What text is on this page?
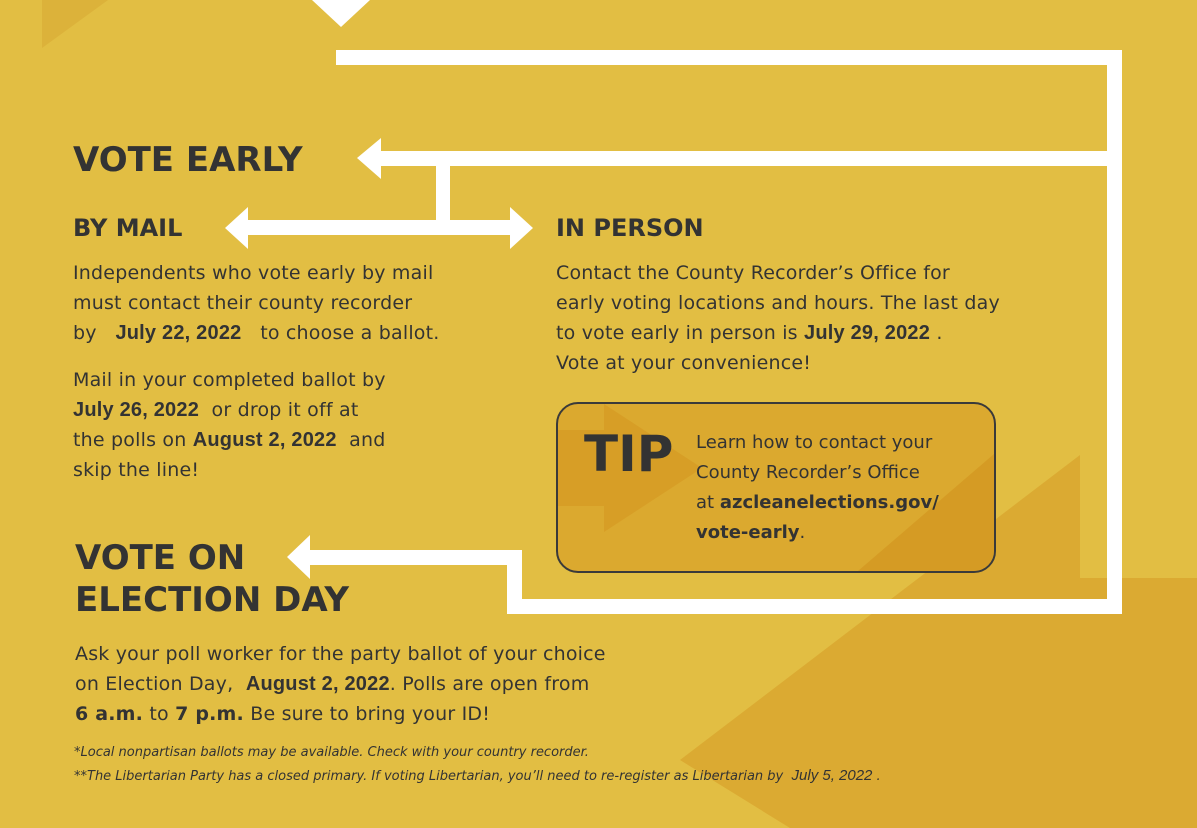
VOTE EARLY
BY MAIL
Independents who vote early by mail
must contact their county recorder
by July 22, 2022 to choose a ballot.
Mail in your completed ballot by
July 26, 2022 or drop it off at
the polls on August 2, 2022 and
skip the line!
IN PERSON
Contact the County Recorder’s Office for
early voting locations and hours. The last day
to vote early in person is July 29, 2022 .
Vote at your convenience!
TIP Learn how to contact your
County Recorder’s Office
at azcleanelections.gov/
vote-early.
VOTE ON
ELECTION DAY
Ask your poll worker for the party ballot of your choice
on Election Day, August 2, 2022. Polls are open from
6 a.m. to 7 p.m. Be sure to bring your ID!
*Local nonpartisan ballots may be available. Check with your country recorder.
**The Libertarian Party has a closed primary. If voting Libertarian, you’ll need to re-register as Libertarian by July 5, 2022 .
